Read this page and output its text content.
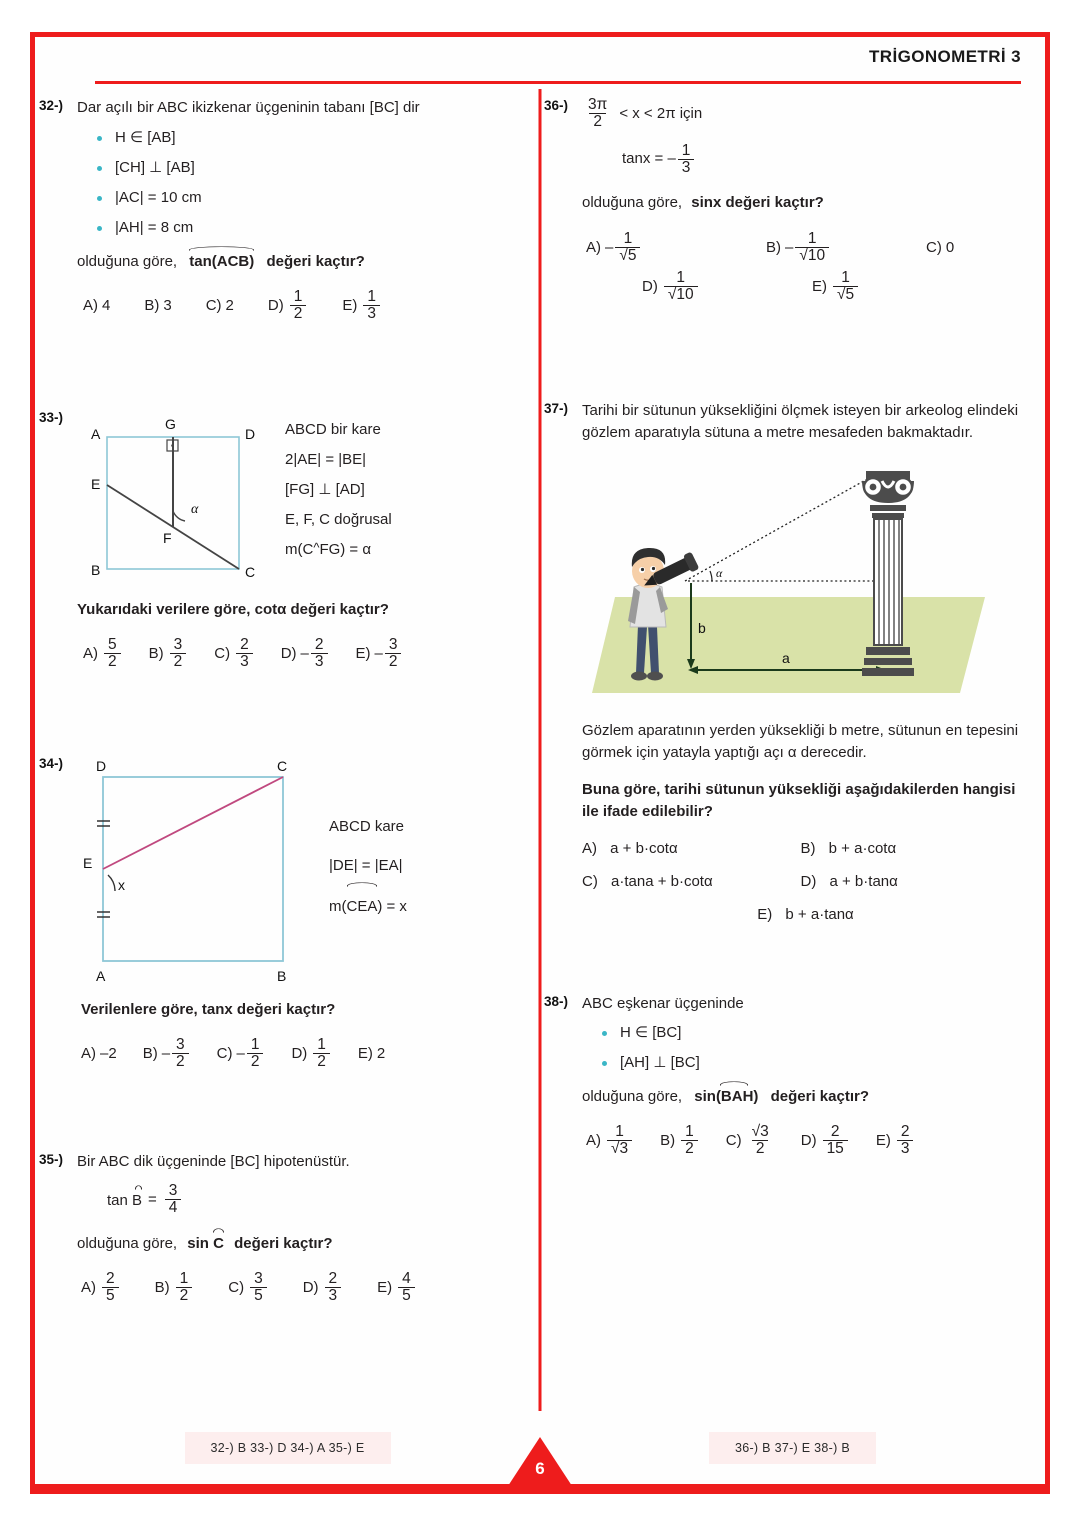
TRİGONOMETRİ 3
32-) Dar açılı bir ABC ikizkenar üçgeninin tabanı [BC] dir
H ∈ [AB]
[CH] ⊥ [AB]
|AC| = 10 cm
|AH| = 8 cm
olduğuna göre, tan(ACB) değeri kaçtır?
A) 4 B) 3 C) 2 $D) \frac{1}{2} E) \frac{1}{3}$
33-)
α
A
E
B
D
C
G
F
ABCD bir kare
2|AE| = |BE|
[FG] ⊥ [AD]
E, F, C doğrusal
m(C^FG) = α
Yukarıdaki verilere göre, cotα değeri kaçtır?
$A) \frac{5}{2} B) \frac{3}{2} C) \frac{2}{3} D) - \frac{2}{3} E) - \frac{3}{2}$
34-)
x
D	C
A	B
E
ABCD kare
|DE| = |EA|
m(
CEA) = x
Verilenlere göre, tanx değeri kaçtır?
A) –2 $B) - \frac{3}{2} C) - \frac{1}{2} D) \frac{1}{2} E$) 2
35-) Bir ABC dik üçgeninde [BC] hipotenüstür.
$\tan B = \frac{3}{4}$
olduğuna göre, sin C değeri kaçtır?
$A) \frac{2}{5} B) \frac{1}{2} C) \frac{3}{5} D) \frac{2}{3} E) \frac{4}{5}$
$36-) \frac{3\pi}{2} < x < 2\pi$ için
tanx = – $\frac{1}{3}$
olduğuna göre, sinx değeri kaçtır?
$A) - \frac{1}{√5}$	$B) - \frac{1}{√10}$	C) 0
$D) \frac{1}{√10}$	$E) \frac{1}{√5}$
37-) Tarihi bir sütunun yüksekliğini ölçmek isteyen bir arkeolog elindeki gözlem aparatıyla sütuna a metre mesafeden bakmaktadır.
α
b
a
Gözlem aparatının yerden yüksekliği b metre, sütunun en tepesini görmek için yatayla yaptığı açı α derecedir.
Buna göre, tarihi sütunun yüksekliği aşağıdakilerden hangisi ile ifade edilebilir?
A) a + b·cotα	B) b + a·cotα
C) a·tana + b·cotα	D) a + b·tanα
E) b + a·tanα
38-) ABC eşkenar üçgeninde
H ∈ [BC]
[AH] ⊥ [BC]
olduğuna göre, sin(BAH) değeri kaçtır?
$A) \frac{1}{√3} B) \frac{1}{2} C) \frac{√3}{2} D) \frac{2}{15} E) \frac{2}{3}$
32-) B 33-) D 34-) A 35-) E	36-) B 37-) E 38-) B
6
